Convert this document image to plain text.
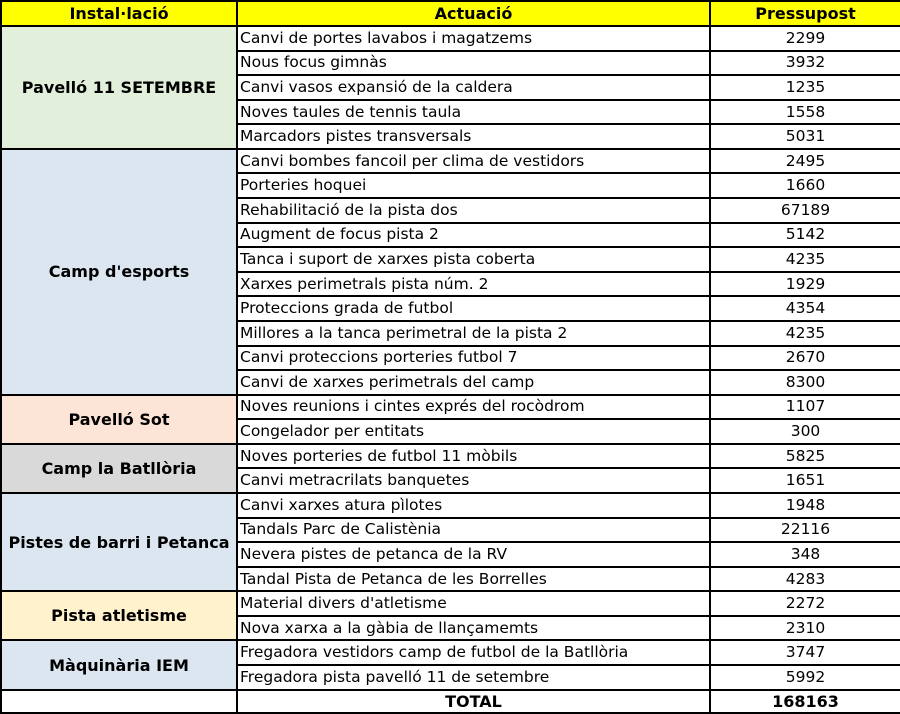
Instal·lació	Actuació	Pressupost
Pavelló 11 SETEMBRE	Canvi de portes lavabos i magatzems	2299
	Nous focus gimnàs	3932
	Canvi vasos expansió de la caldera	1235
	Noves taules de tennis taula	1558
	Marcadors pistes transversals	5031
Camp d'esports	Canvi bombes fancoil per clima de vestidors	2495
	Porteries hoquei	1660
	Rehabilitació de la pista dos	67189
	Augment de focus pista 2	5142
	Tanca i suport de xarxes pista coberta	4235
	Xarxes perimetrals pista núm. 2	1929
	Proteccions grada de futbol	4354
	Millores a la tanca perimetral de la pista 2	4235
	Canvi proteccions porteries futbol 7	2670
	Canvi de xarxes perimetrals del camp	8300
Pavelló Sot	Noves reunions i cintes exprés del rocòdrom	1107
	Congelador per entitats	300
Camp la Batllòria	Noves porteries de futbol 11 mòbils	5825
	Canvi metracrilats banquetes	1651
Pistes de barri i Petanca	Canvi xarxes atura pìlotes	1948
	Tandals Parc de Calistènia	22116
	Nevera pistes de petanca de la RV	348
	Tandal Pista de Petanca de les Borrelles	4283
Pista atletisme	Material divers d'atletisme	2272
	Nova xarxa a la gàbia de llançamemts	2310
Màquinària IEM	Fregadora vestidors camp de futbol de la Batllòria	3747
	Fregadora pista pavelló 11 de setembre	5992
	TOTAL	168163
